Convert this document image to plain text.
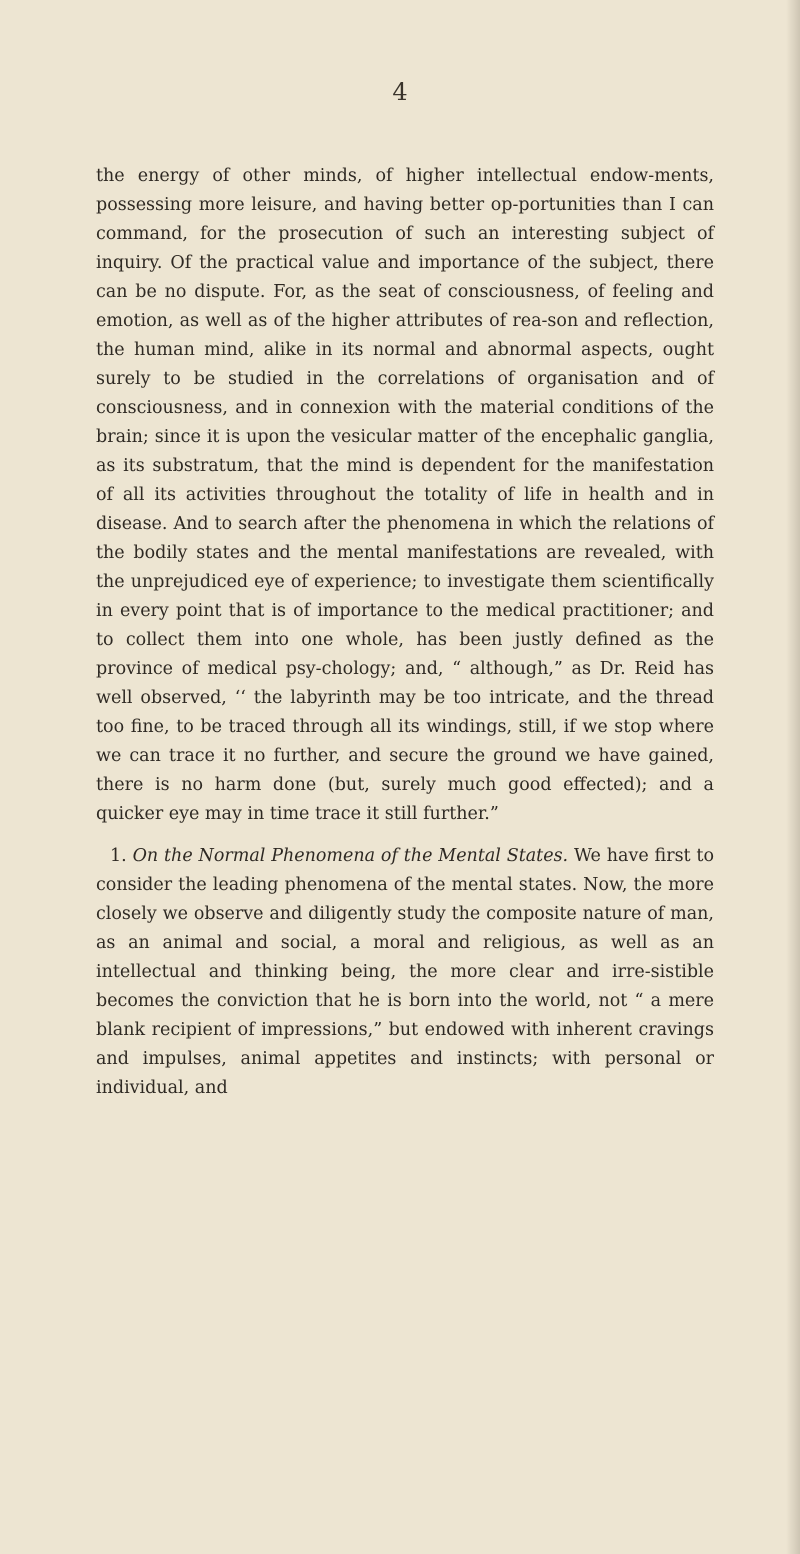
4

the energy of other minds, of higher intellectual endow-ments, possessing more leisure, and having better op-portunities than I can command, for the prosecution of such an interesting subject of inquiry. Of the practical value and importance of the subject, there can be no dispute. For, as the seat of consciousness, of feeling and emotion, as well as of the higher attributes of rea-son and reflection, the human mind, alike in its normal and abnormal aspects, ought surely to be studied in the correlations of organisation and of consciousness, and in connexion with the material conditions of the brain; since it is upon the vesicular matter of the encephalic ganglia, as its substratum, that the mind is dependent for the manifestation of all its activities throughout the totality of life in health and in disease. And to search after the phenomena in which the relations of the bodily states and the mental manifestations are revealed, with the unprejudiced eye of experience; to investigate them scientifically in every point that is of importance to the medical practitioner; and to collect them into one whole, has been justly defined as the province of medical psy-chology; and, “ although,” as Dr. Reid has well observed, ‘‘ the labyrinth may be too intricate, and the thread too fine, to be traced through all its windings, still, if we stop where we can trace it no further, and secure the ground we have gained, there is no harm done (but, surely much good effected); and a quicker eye may in time trace it still further.”

1. On the Normal Phenomena of the Mental States. We have first to consider the leading phenomena of the mental states. Now, the more closely we observe and diligently study the composite nature of man, as an animal and social, a moral and religious, as well as an intellectual and thinking being, the more clear and irre-sistible becomes the conviction that he is born into the world, not “ a mere blank recipient of impressions,” but endowed with inherent cravings and impulses, animal appetites and instincts; with personal or individual, and
